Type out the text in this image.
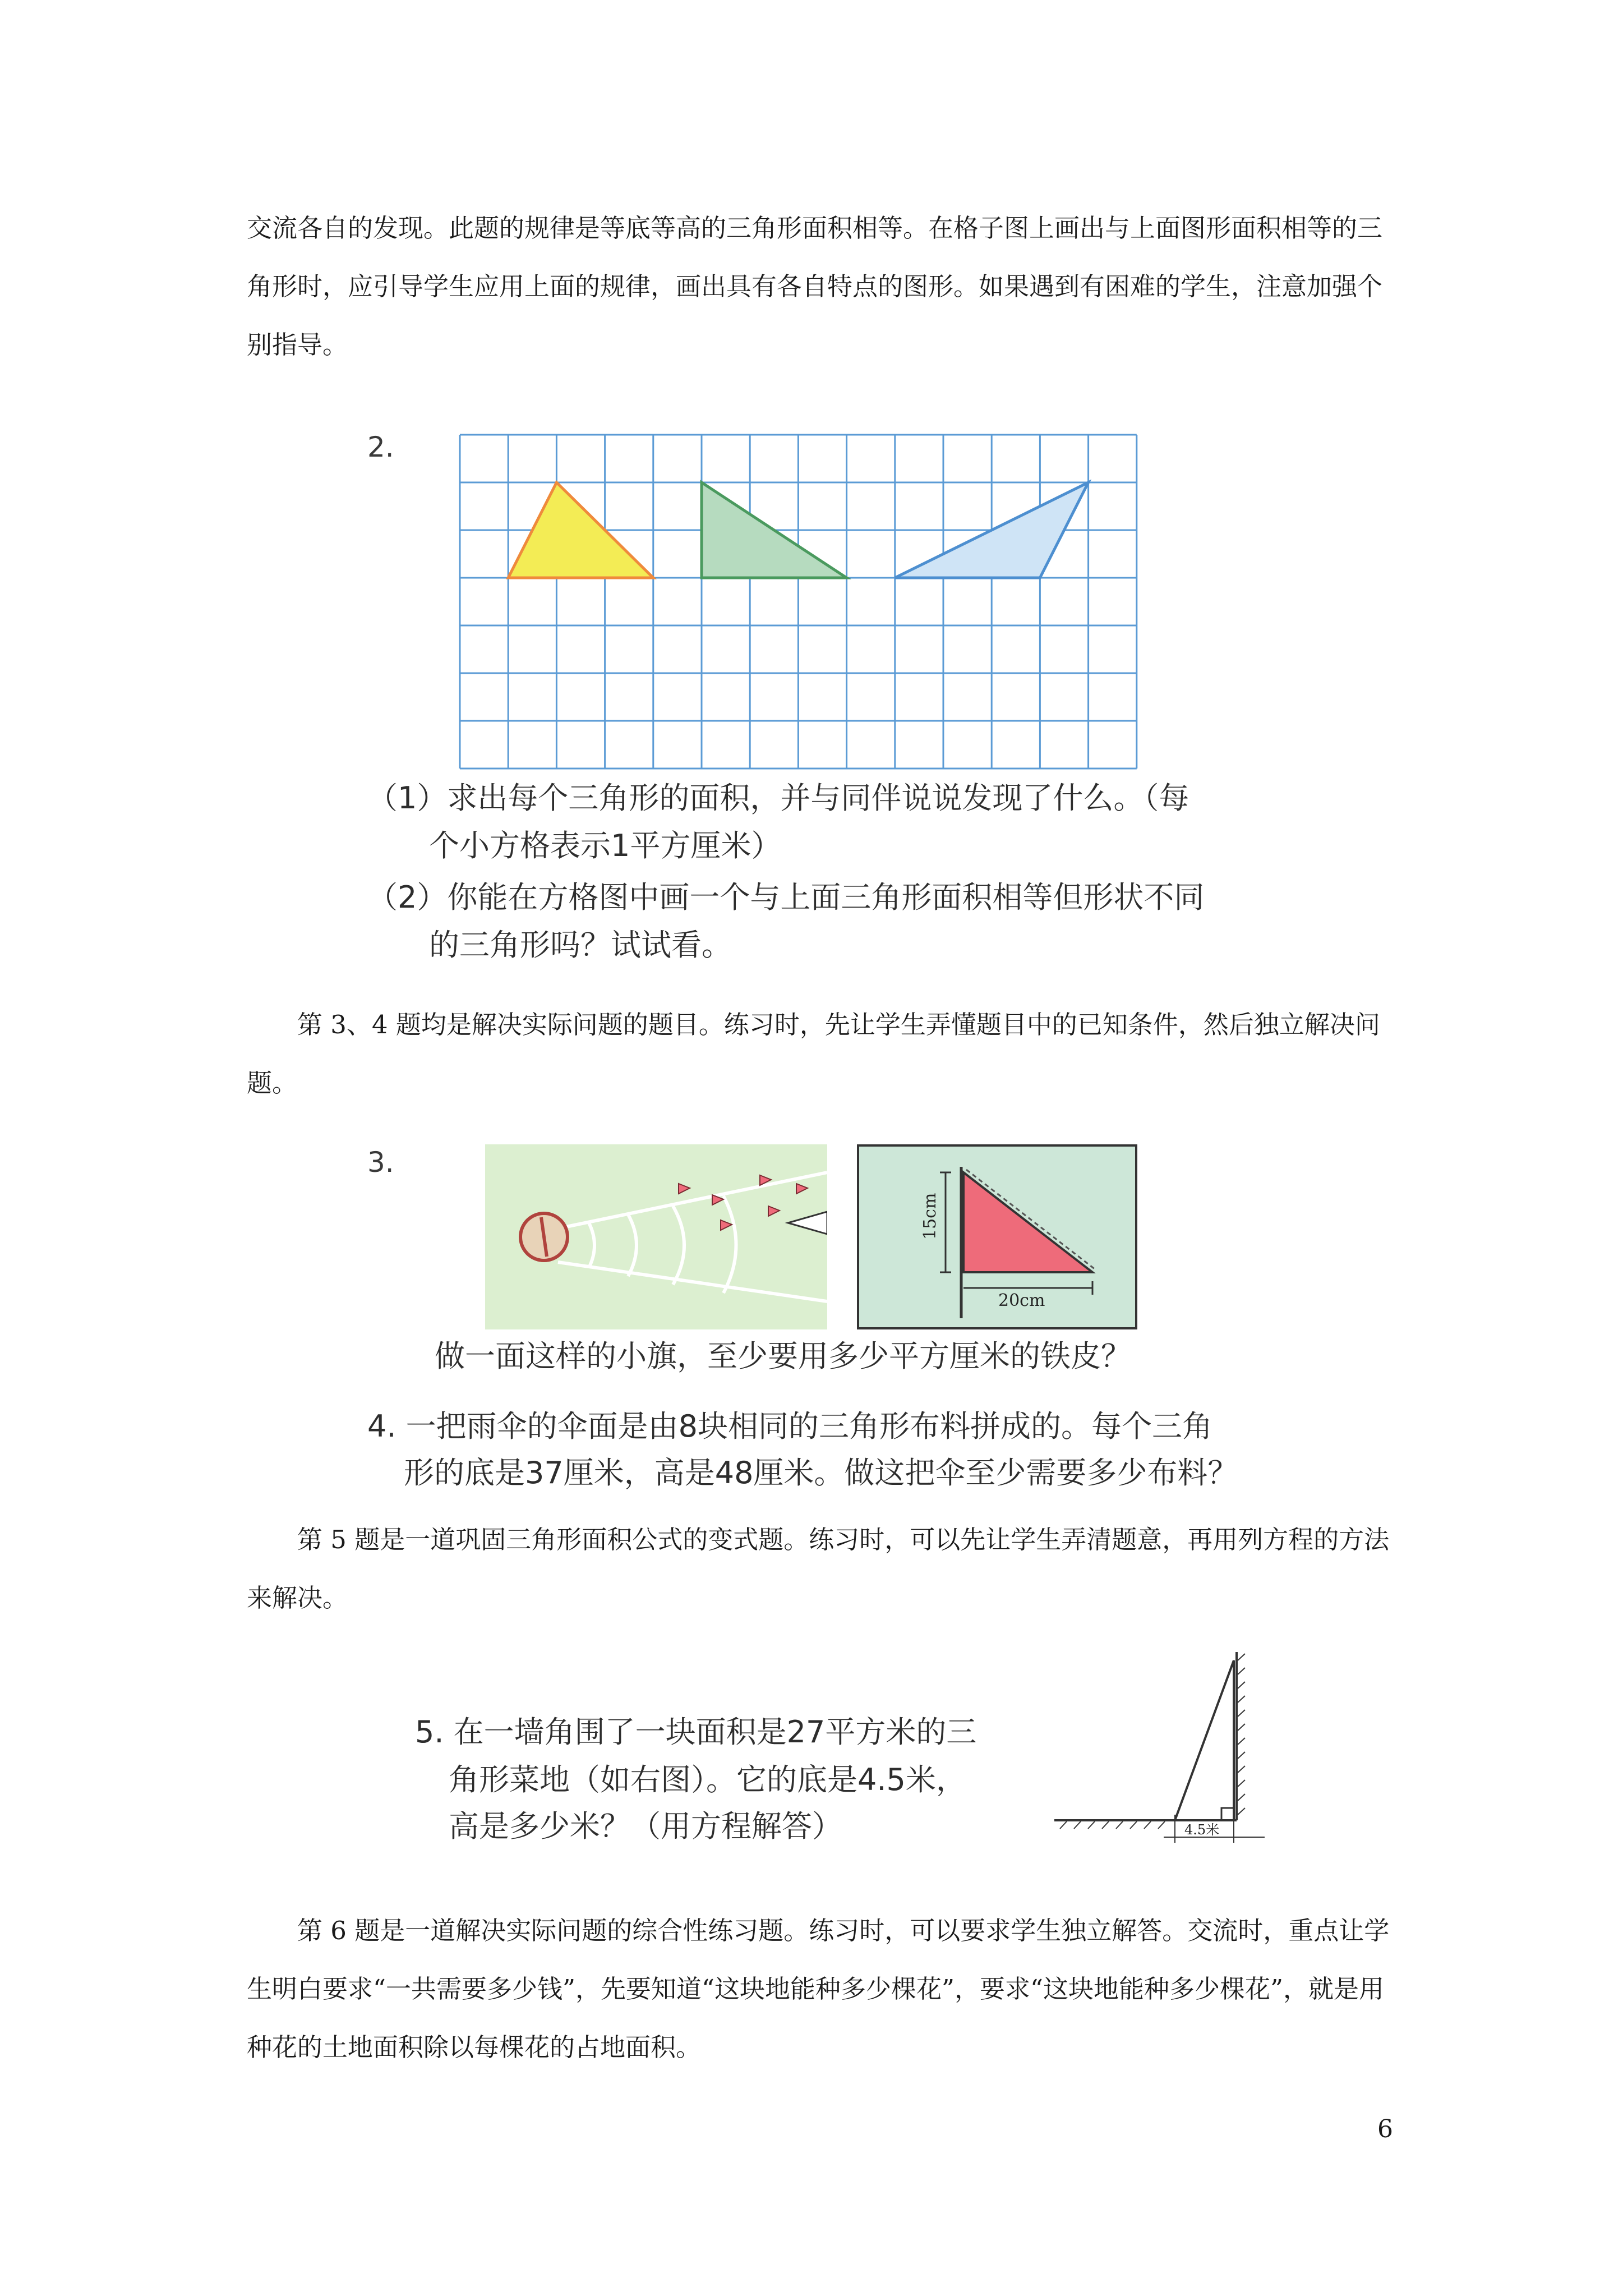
交流各自的发现。此题的规律是等底等高的三角形面积相等。在格子图上画出与上面图形面积相等的三角形时，应引导学生应用上面的规律，画出具有各自特点的图形。如果遇到有困难的学生，注意加强个别指导。

2.

（1）求出每个三角形的面积，并与同伴说说发现了什么。（每

个小方格表示1平方厘米）

（2）你能在方格图中画一个与上面三角形面积相等但形状不同

的三角形吗？试试看。

第 3、4 题均是解决实际问题的题目。练习时，先让学生弄懂题目中的已知条件，然后独立解决问题。

3.
15cm
20cm

做一面这样的小旗，至少要用多少平方厘米的铁皮？

4. 一把雨伞的伞面是由8块相同的三角形布料拼成的。每个三角

形的底是37厘米，高是48厘米。做这把伞至少需要多少布料？

第 5 题是一道巩固三角形面积公式的变式题。练习时，可以先让学生弄清题意，再用列方程的方法来解决。

5. 在一墙角围了一块面积是27平方米的三

角形菜地（如右图）。它的底是4.5米，

高是多少米？（用方程解答）	4.5米

第 6 题是一道解决实际问题的综合性练习题。练习时，可以要求学生独立解答。交流时，重点让学生明白要求“一共需要多少钱”，先要知道“这块地能种多少棵花”，要求“这块地能种多少棵花”，就是用种花的土地面积除以每棵花的占地面积。

6
